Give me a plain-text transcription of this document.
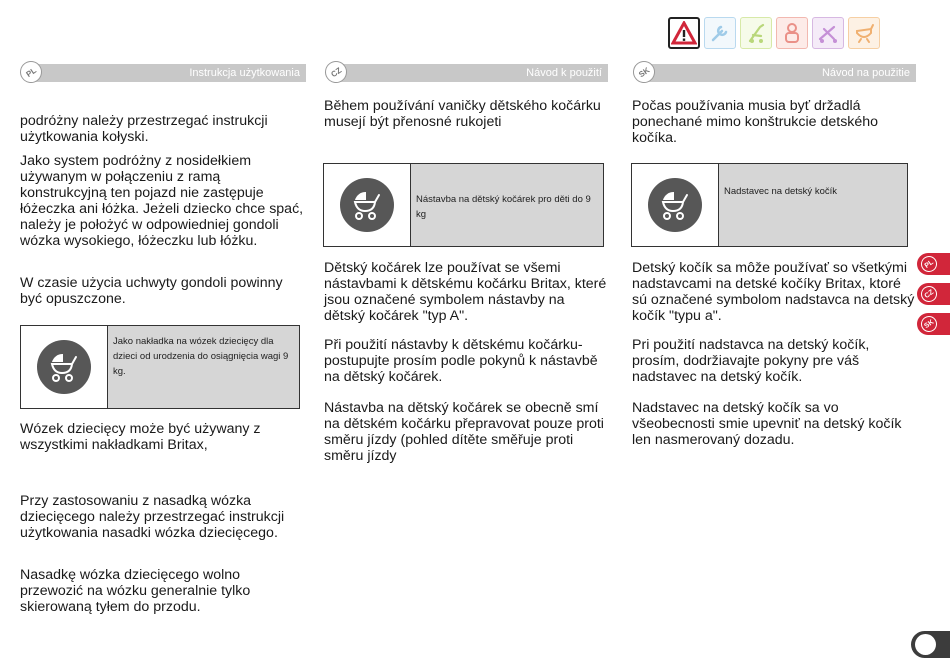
PL	Instrukcja użytkowania	CZ	Návod k použití	SK	Návod na použitie

podróżny należy przestrzegać instrukcji użytkowania kołyski.

Jako system podróżny z nosidełkiem używanym w połączeniu z ramą konstrukcyjną ten pojazd nie zastępuje łóżeczka ani łóżka. Jeżeli dziecko chce spać, należy je położyć w odpowiedniej gondoli wózka wysokiego, łóżeczku lub łóżku.

W czasie użycia uchwyty gondoli powinny być opuszczone.

Jako nakładka na wózek dziecięcy dla dzieci od urodzenia do osiągnięcia wagi 9 kg.

Wózek dziecięcy może być używany z wszystkimi nakładkami Britax,

Przy zastosowaniu z nasadką wózka dziecięcego należy przestrzegać instrukcji użytkowania nasadki wózka dziecięcego.

Nasadkę wózka dziecięcego wolno przewozić na wózku generalnie tylko skierowaną tyłem do przodu.

Během používání vaničky dětského kočárku musejí být přenosné rukojeti

Nástavba na dětský kočárek pro děti do 9 kg

Dětský kočárek lze používat se všemi nástavbami k dětskému kočárku Britax, které jsou označené symbolem nástavby na dětský kočárek "typ A".

Při použití nástavby k dětskému kočárku- postupujte prosím podle pokynů k nástavbě na dětský kočárek.

Nástavba na dětský kočárek se obecně smí na dětském kočárku přepravovat pouze proti směru jízdy (pohled dítěte směřuje proti směru jízdy

Počas používania musia byť držadlá ponechané mimo konštrukcie detského kočíka.

Nadstavec na detský kočík

Detský kočík sa môže používať so všetkými nadstavcami na detské kočíky Britax, ktoré sú označené symbolom nadstavca na detský kočík "typu a".

Pri použití nadstavca na detský kočík, prosím, dodržiavajte pokyny pre váš nadstavec na detský kočík.

Nadstavec na detský kočík sa vo všeobecnosti smie upevniť na detský kočík len nasmerovaný dozadu.

PL
CZ
SK
